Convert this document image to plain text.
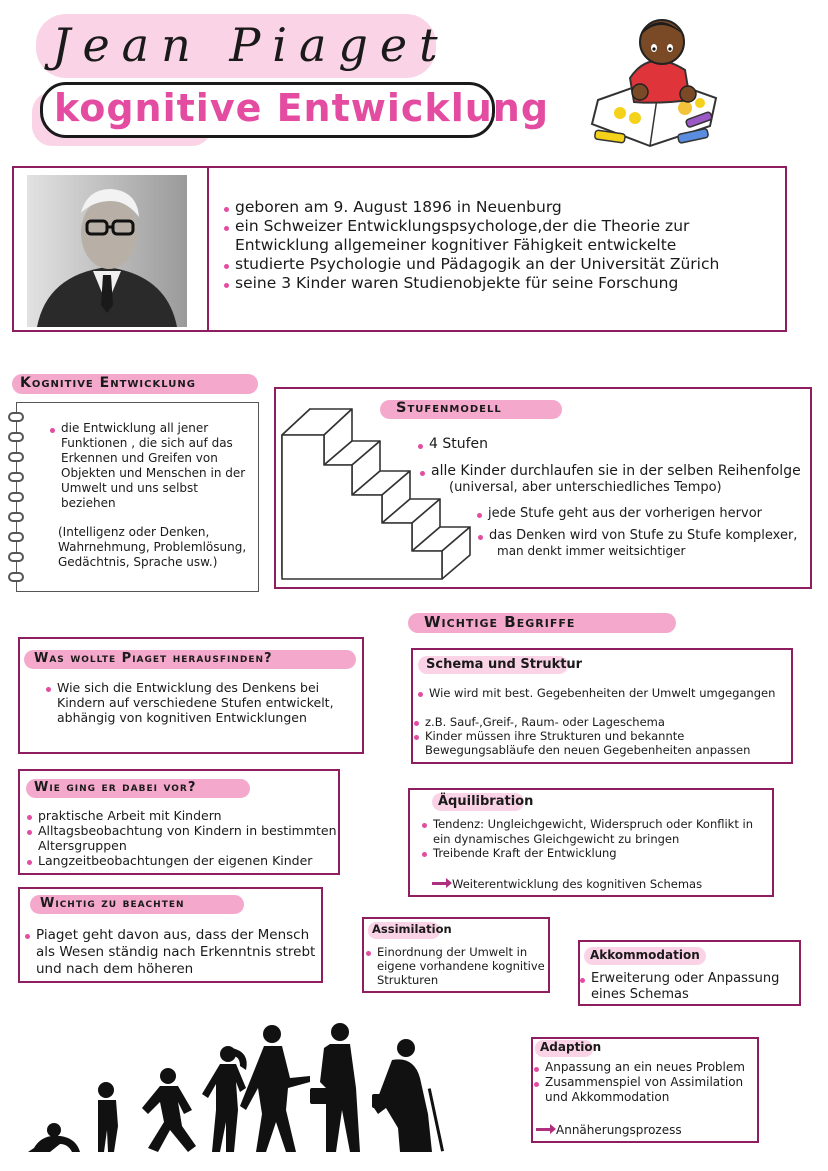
Jean Piaget
kognitive Entwicklung
geboren am 9. August 1896 in Neuenburg
ein Schweizer Entwicklungspsychologe,der die Theorie zur Entwicklung allgemeiner kognitiver Fähigkeit entwickelte
studierte Psychologie und Pädagogik an der Universität Zürich
seine 3 Kinder waren Studienobjekte für seine Forschung
Kognitive Entwicklung
die Entwicklung all jener Funktionen , die sich auf das Erkennen und Greifen von Objekten und Menschen in der Umwelt und uns selbst beziehen
(Intelligenz oder Denken, Wahrnehmung, Problemlösung, Gedächtnis, Sprache usw.)
Stufenmodell
4 Stufen
alle Kinder durchlaufen sie in der selben Reihenfolge
(universal, aber unterschiedliches Tempo)
jede Stufe geht aus der vorherigen hervor
das Denken wird von Stufe zu Stufe komplexer,
man denkt immer weitsichtiger
Wichtige Begriffe
Was wollte Piaget herausfinden?
Wie sich die Entwicklung des Denkens bei Kindern auf verschiedene Stufen entwickelt, abhängig von kognitiven Entwicklungen
Wie ging er dabei vor?
praktische Arbeit mit Kindern
Alltagsbeobachtung von Kindern in bestimmten Altersgruppen
Langzeitbeobachtungen der eigenen Kinder
Wichtig zu beachten
Piaget geht davon aus, dass der Mensch als Wesen ständig nach Erkenntnis strebt und nach dem höheren
Schema und Struktur
Wie wird mit best. Gegebenheiten der Umwelt umgegangen
z.B. Sauf-,Greif-, Raum- oder Lageschema
Kinder müssen ihre Strukturen und bekannte Bewegungsabläufe den neuen Gegebenheiten anpassen
Äquilibration
Tendenz: Ungleichgewicht, Widerspruch oder Konflikt in ein dynamisches Gleichgewicht zu bringen
Treibende Kraft der Entwicklung
Weiterentwicklung des kognitiven Schemas
Assimilation
Einordnung der Umwelt in eigene vorhandene kognitive Strukturen
Akkommodation
Erweiterung oder Anpassung eines Schemas
Adaption
Anpassung an ein neues Problem
Zusammenspiel von Assimilation und Akkommodation
Annäherungsprozess
